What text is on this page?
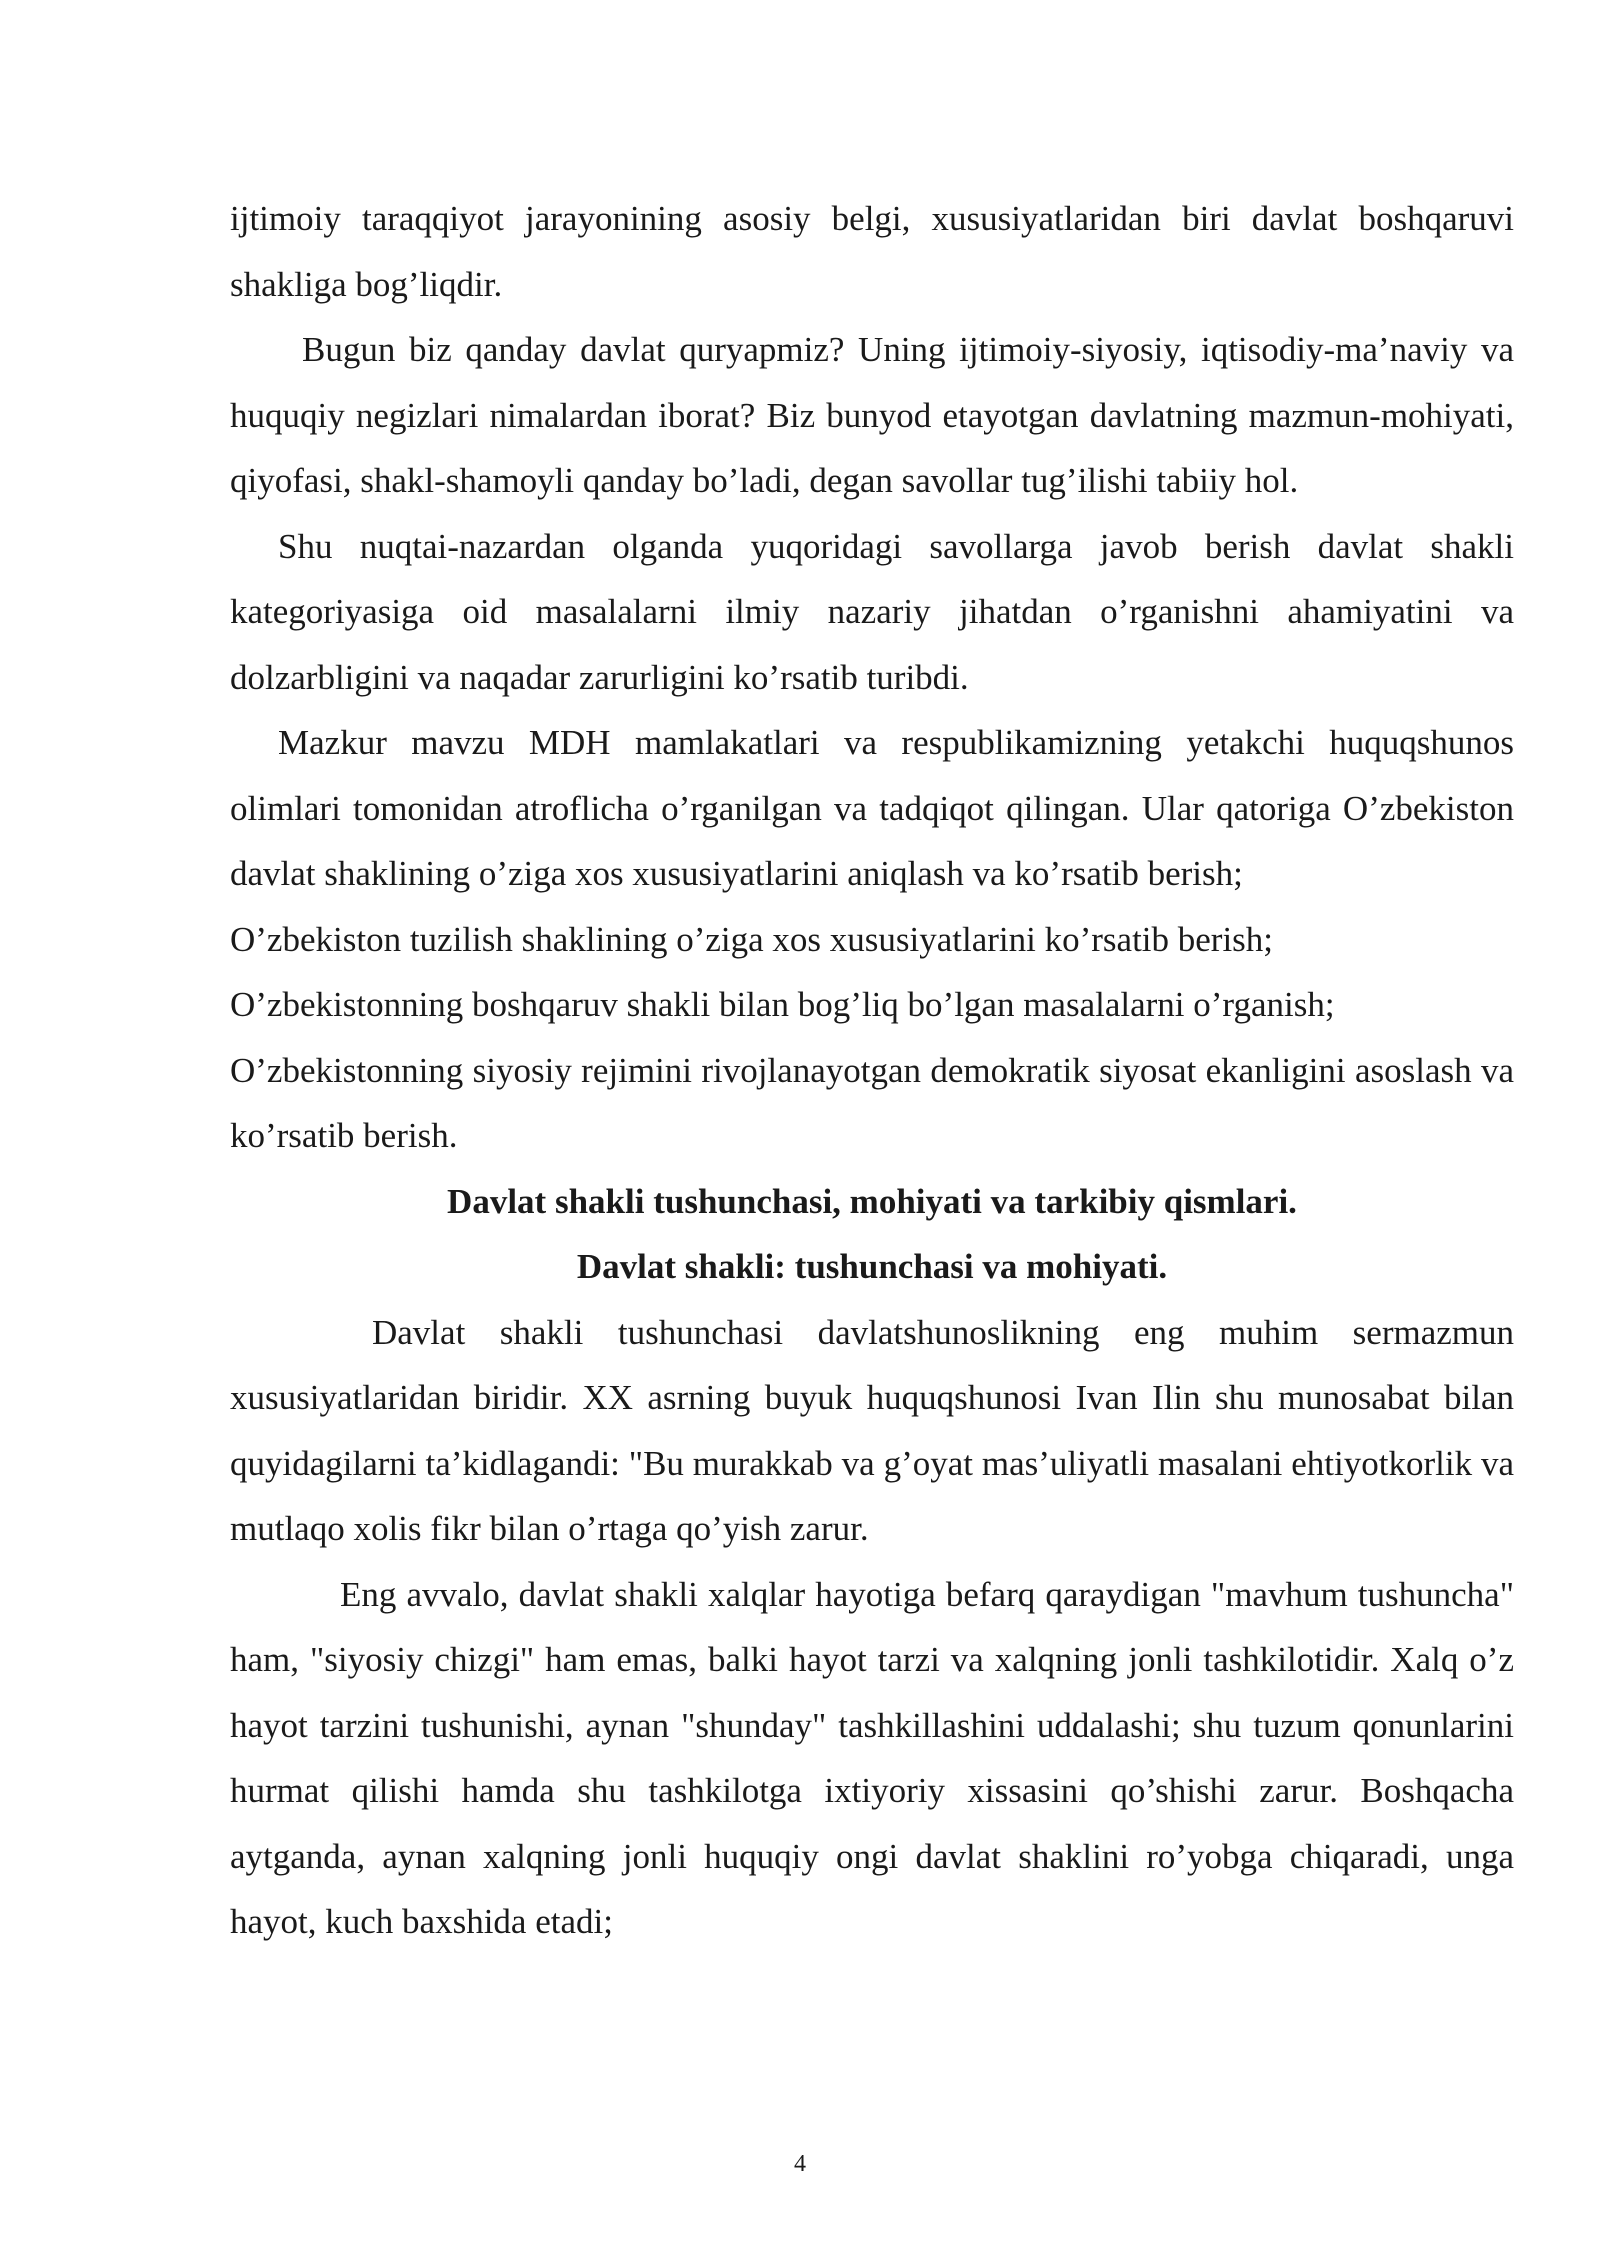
ijtimoiy taraqqiyot jarayonining asosiy belgi, xususiyatlaridan biri davlat boshqaruvi shakliga bog’liqdir.

Bugun biz qanday davlat quryapmiz? Uning ijtimoiy-siyosiy, iqtisodiy-ma’naviy va huquqiy negizlari nimalardan iborat? Biz bunyod etayotgan davlatning mazmun-mohiyati, qiyofasi, shakl-shamoyli qanday bo’ladi, degan savollar tug’ilishi tabiiy hol.

Shu nuqtai-nazardan olganda yuqoridagi savollarga javob berish davlat shakli kategoriyasiga oid masalalarni ilmiy nazariy jihatdan o’rganishni ahamiyatini va dolzarbligini va naqadar zarurligini ko’rsatib turibdi.

Mazkur mavzu MDH mamlakatlari va respublikamizning yetakchi huquqshunos olimlari tomonidan atroflicha o’rganilgan va tadqiqot qilingan. Ular qatoriga O’zbekiston davlat shaklining o’ziga xos xususiyatlarini aniqlash va ko’rsatib berish;

O’zbekiston tuzilish shaklining o’ziga xos xususiyatlarini ko’rsatib berish;

O’zbekistonning boshqaruv shakli bilan bog’liq bo’lgan masalalarni o’rganish;

O’zbekistonning siyosiy rejimini rivojlanayotgan demokratik siyosat ekanligini asoslash va ko’rsatib berish.

Davlat shakli tushunchasi, mohiyati va tarkibiy qismlari.

Davlat shakli: tushunchasi va mohiyati.

Davlat shakli tushunchasi davlatshunoslikning eng muhim sermazmun xususiyatlaridan biridir. XX asrning buyuk huquqshunosi Ivan Ilin shu munosabat bilan quyidagilarni ta’kidlagandi: "Bu murakkab va g’oyat mas’uliyatli masalani ehtiyotkorlik va mutlaqo xolis fikr bilan o’rtaga qo’yish zarur.

Eng avvalo, davlat shakli xalqlar hayotiga befarq qaraydigan "mavhum tushuncha" ham, "siyosiy chizgi" ham emas, balki hayot tarzi va xalqning jonli tashkilotidir. Xalq o’z hayot tarzini tushunishi, aynan "shunday" tashkillashini uddalashi; shu tuzum qonunlarini hurmat qilishi hamda shu tashkilotga ixtiyoriy xissasini qo’shishi zarur. Boshqacha aytganda, aynan xalqning jonli huquqiy ongi davlat shaklini ro’yobga chiqaradi, unga hayot, kuch baxshida etadi;

4
